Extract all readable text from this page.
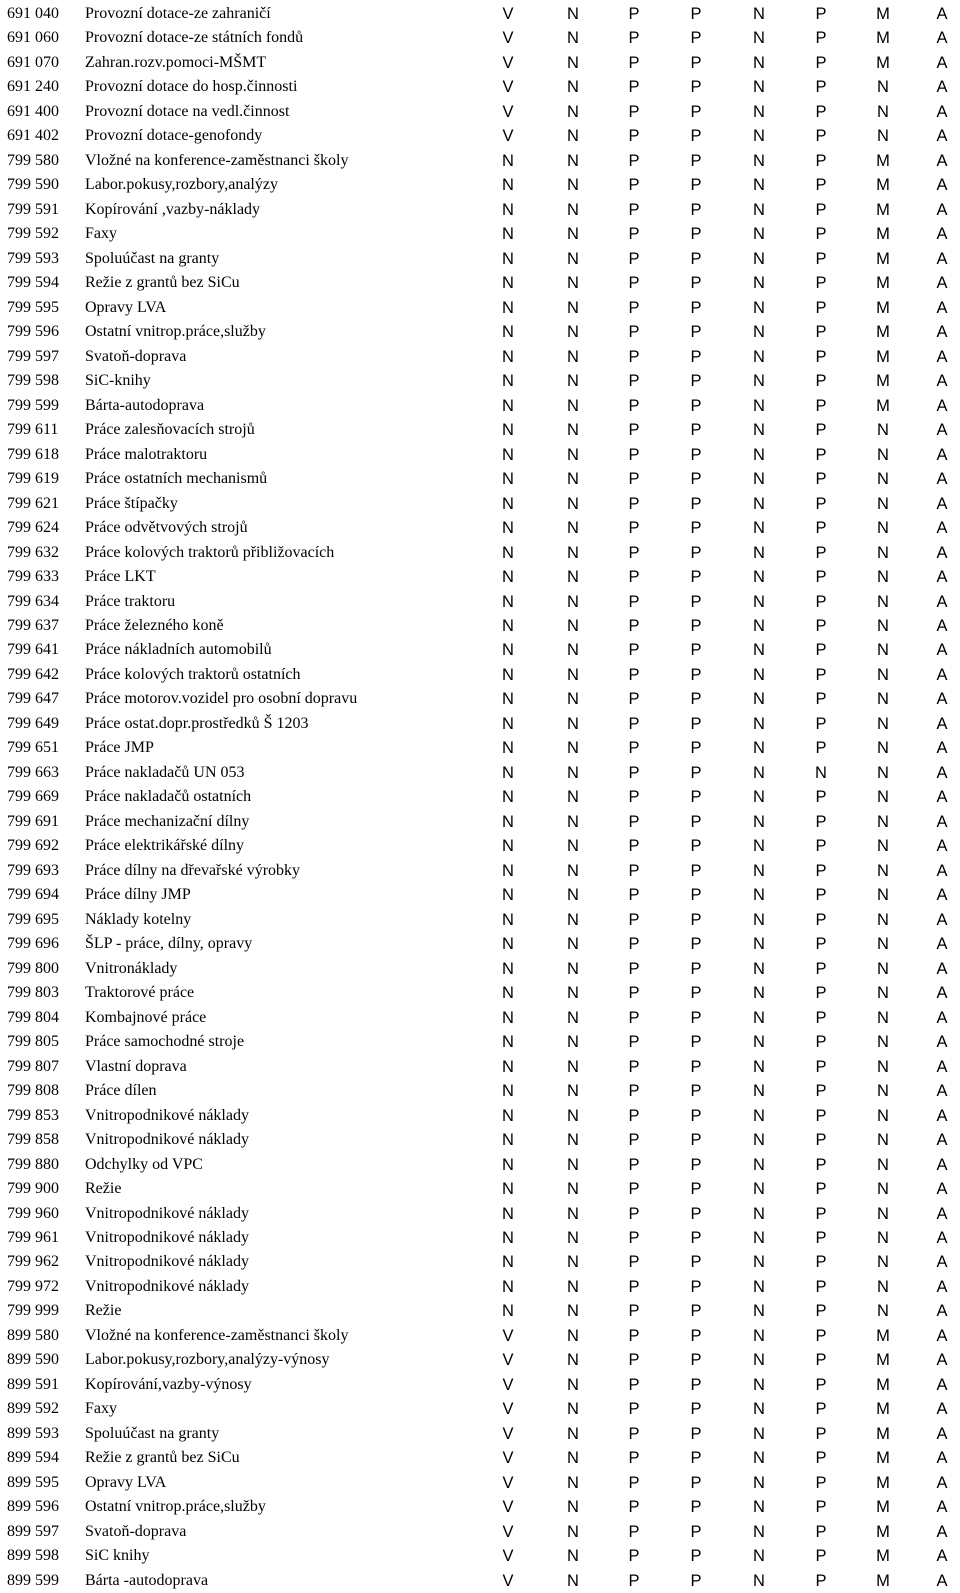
691 040 Provozní dotace-ze zahraničí	V	N	P	P	N	P	M	A
691 060 Provozní dotace-ze státních fondů	V	N	P	P	N	P	M	A
691 070 Zahran.rozv.pomoci-MŠMT	V	N	P	P	N	P	M	A
691 240 Provozní dotace do hosp.činnosti	V	N	P	P	N	P	N	A
691 400 Provozní dotace na vedl.činnost	V	N	P	P	N	P	N	A
691 402 Provozní dotace-genofondy	V	N	P	P	N	P	N	A
799 580 Vložné na konference-zaměstnanci školy	N	N	P	P	N	P	M	A
799 590 Labor.pokusy,rozbory,analýzy	N	N	P	P	N	P	M	A
799 591 Kopírování ,vazby-náklady	N	N	P	P	N	P	M	A
799 592 Faxy	N	N	P	P	N	P	M	A
799 593 Spoluúčast na granty	N	N	P	P	N	P	M	A
799 594 Režie z grantů bez SiCu	N	N	P	P	N	P	M	A
799 595 Opravy LVA	N	N	P	P	N	P	M	A
799 596 Ostatní vnitrop.práce,služby	N	N	P	P	N	P	M	A
799 597 Svatoň-doprava	N	N	P	P	N	P	M	A
799 598 SiC-knihy	N	N	P	P	N	P	M	A
799 599 Bárta-autodoprava	N	N	P	P	N	P	M	A
799 611 Práce zalesňovacích strojů	N	N	P	P	N	P	N	A
799 618 Práce malotraktoru	N	N	P	P	N	P	N	A
799 619 Práce ostatních mechanismů	N	N	P	P	N	P	N	A
799 621 Práce štípačky	N	N	P	P	N	P	N	A
799 624 Práce odvětvových strojů	N	N	P	P	N	P	N	A
799 632 Práce kolových traktorů přibližovacích	N	N	P	P	N	P	N	A
799 633 Práce LKT	N	N	P	P	N	P	N	A
799 634 Práce traktoru	N	N	P	P	N	P	N	A
799 637 Práce železného koně	N	N	P	P	N	P	N	A
799 641 Práce nákladních automobilů	N	N	P	P	N	P	N	A
799 642 Práce kolových traktorů ostatních	N	N	P	P	N	P	N	A
799 647 Práce motorov.vozidel pro osobní dopravu	N	N	P	P	N	P	N	A
799 649 Práce ostat.dopr.prostředků Š 1203	N	N	P	P	N	P	N	A
799 651 Práce JMP	N	N	P	P	N	P	N	A
799 663 Práce nakladačů UN 053	N	N	P	P	N	N	N	A
799 669 Práce nakladačů ostatních	N	N	P	P	N	P	N	A
799 691 Práce mechanizační dílny	N	N	P	P	N	P	N	A
799 692 Práce elektrikářské dílny	N	N	P	P	N	P	N	A
799 693 Práce dílny na dřevařské výrobky	N	N	P	P	N	P	N	A
799 694 Práce dílny JMP	N	N	P	P	N	P	N	A
799 695 Náklady kotelny	N	N	P	P	N	P	N	A
799 696 ŠLP - práce, dílny, opravy	N	N	P	P	N	P	N	A
799 800 Vnitronáklady	N	N	P	P	N	P	N	A
799 803 Traktorové práce	N	N	P	P	N	P	N	A
799 804 Kombajnové práce	N	N	P	P	N	P	N	A
799 805 Práce samochodné stroje	N	N	P	P	N	P	N	A
799 807 Vlastní doprava	N	N	P	P	N	P	N	A
799 808 Práce dílen	N	N	P	P	N	P	N	A
799 853 Vnitropodnikové náklady	N	N	P	P	N	P	N	A
799 858 Vnitropodnikové náklady	N	N	P	P	N	P	N	A
799 880 Odchylky od VPC	N	N	P	P	N	P	N	A
799 900 Režie	N	N	P	P	N	P	N	A
799 960 Vnitropodnikové náklady	N	N	P	P	N	P	N	A
799 961 Vnitropodnikové náklady	N	N	P	P	N	P	N	A
799 962 Vnitropodnikové náklady	N	N	P	P	N	P	N	A
799 972 Vnitropodnikové náklady	N	N	P	P	N	P	N	A
799 999 Režie	N	N	P	P	N	P	N	A
899 580 Vložné na konference-zaměstnanci školy	V	N	P	P	N	P	M	A
899 590 Labor.pokusy,rozbory,analýzy-výnosy	V	N	P	P	N	P	M	A
899 591 Kopírování,vazby-výnosy	V	N	P	P	N	P	M	A
899 592 Faxy	V	N	P	P	N	P	M	A
899 593 Spoluúčast na granty	V	N	P	P	N	P	M	A
899 594 Režie z grantů bez SiCu	V	N	P	P	N	P	M	A
899 595 Opravy LVA	V	N	P	P	N	P	M	A
899 596 Ostatní vnitrop.práce,služby	V	N	P	P	N	P	M	A
899 597 Svatoň-doprava	V	N	P	P	N	P	M	A
899 598 SiC knihy	V	N	P	P	N	P	M	A
899 599 Bárta -autodoprava	V	N	P	P	N	P	M	A
